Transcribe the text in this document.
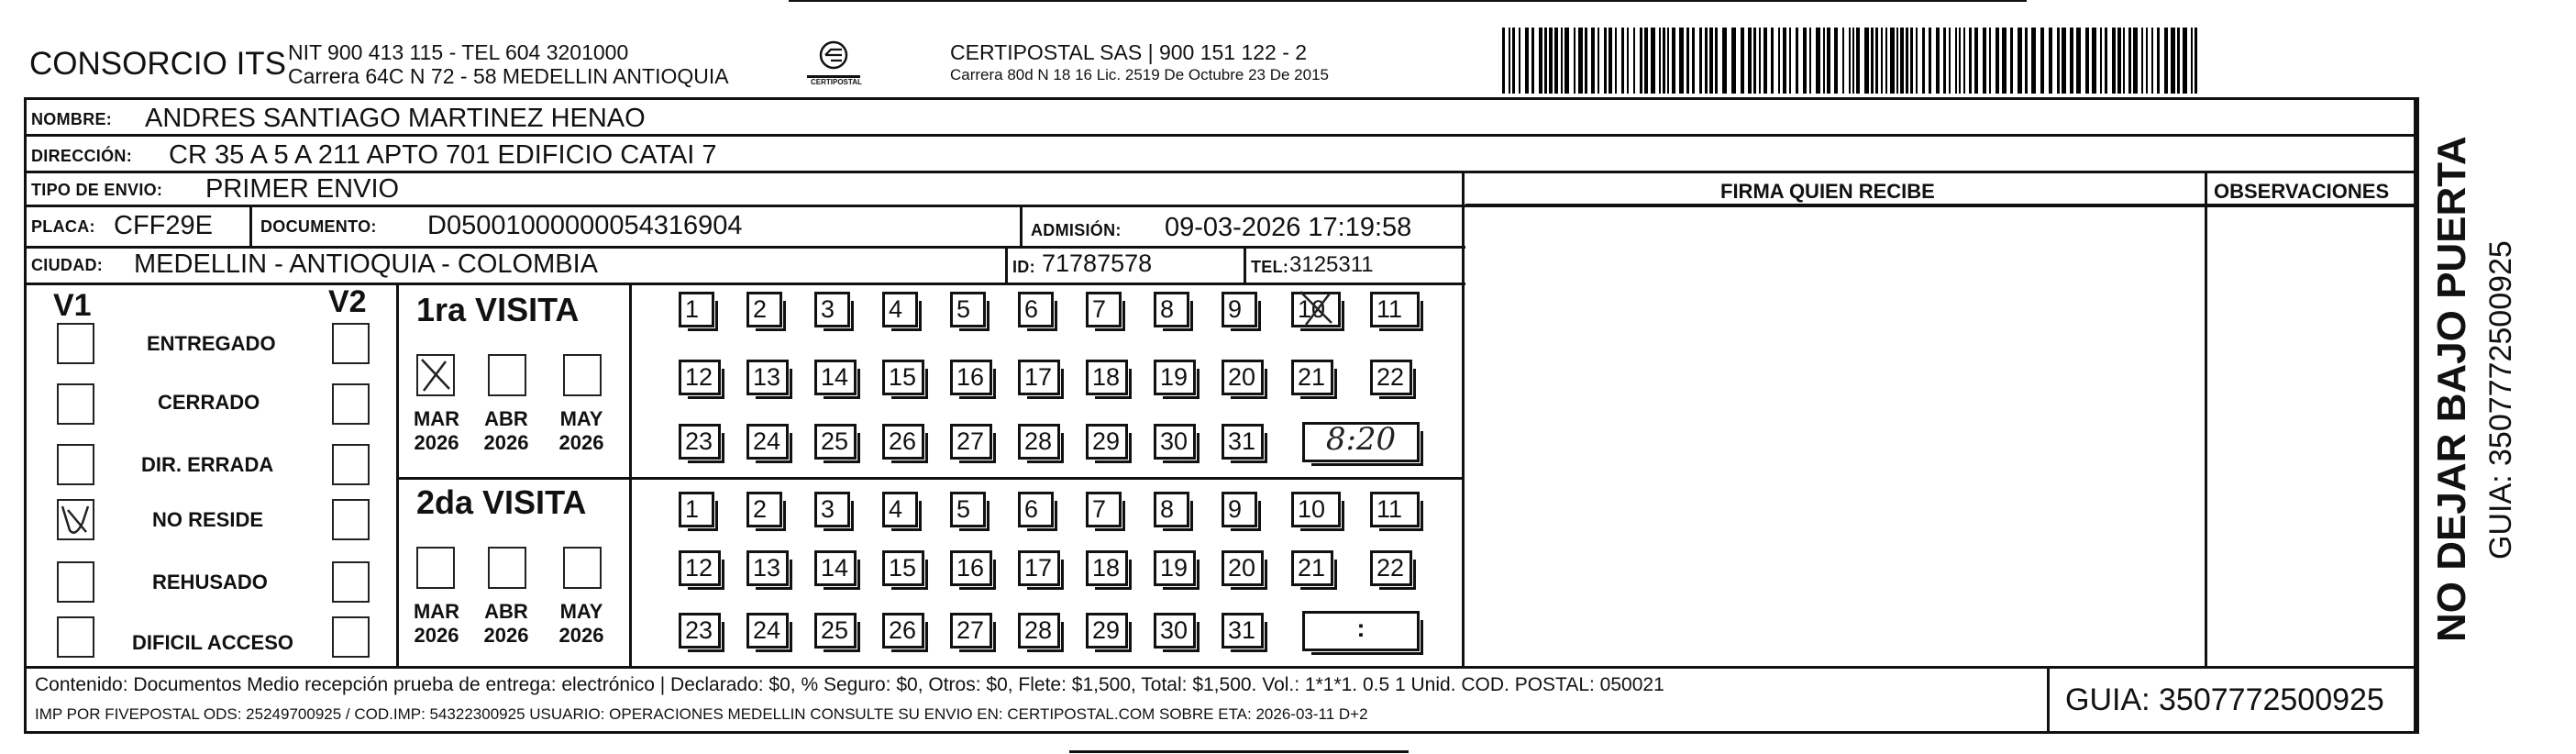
CONSORCIO ITS NIT 900 413 115 - TEL 604 3201000
Carrera 64C N 72 - 58 MEDELLIN ANTIOQUIA	CERTIPOSTAL
CERTIPOSTAL SAS | 900 151 122 - 2
Carrera 80d N 18 16 Lic. 2519 De Octubre 23 De 2015
NOMBRE: ANDRES SANTIAGO MARTINEZ HENAO
DIRECCIÓN: CR 35 A 5 A 211 APTO 701 EDIFICIO CATAI 7
TIPO DE ENVIO: PRIMER ENVIO
PLACA: CFF29E	DOCUMENTO: D05001000000054316904	ADMISIÓN: 09-03-2026 17:19:58
CIUDAD: MEDELLIN - ANTIOQUIA - COLOMBIA	ID: 71787578	TEL: 3125311
FIRMA QUIEN RECIBE	OBSERVACIONES
V1	V2
ENTREGADO
CERRADO
DIR. ERRADA
NO RESIDE
REHUSADO
DIFICIL ACCESO
1ra VISITA
2da VISITA
MAR
2026
ABR
2026
MAY
2026
MAR
2026
ABR
2026
MAY
2026
1	2	3	4	5	6	7	8	9	10	11
12	13	14	15	16	17	18	19	20	21	22
23	24	25	26	27	28	29	30	31	8:20
1	2	3	4	5	6	7	8	9	10	11
12	13	14	15	16	17	18	19	20	21	22
23	24	25	26	27	28	29	30	31	:
Contenido: Documentos Medio recepción prueba de entrega: electrónico | Declarado: $0, % Seguro: $0, Otros: $0, Flete: $1,500, Total: $1,500. Vol.: 1*1*1. 0.5 1 Unid. COD. POSTAL: 050021
IMP POR FIVEPOSTAL ODS: 25249700925 / COD.IMP: 54322300925 USUARIO: OPERACIONES MEDELLIN CONSULTE SU ENVIO EN: CERTIPOSTAL.COM SOBRE ETA: 2026-03-11 D+2	GUIA: 3507772500925
NO DEJAR BAJO PUERTA GUIA: 3507772500925
